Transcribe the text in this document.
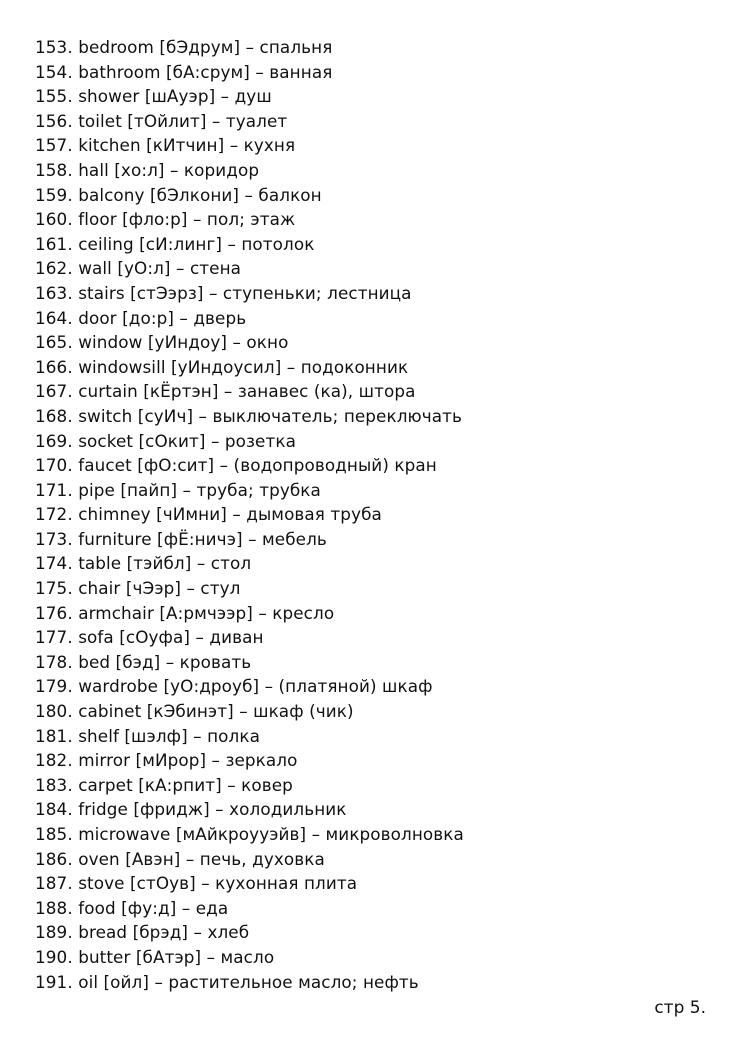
153. bedroom [бЭдрум] – спальня
154. bathroom [бА:срум] – ванная
155. shower [шАуэр] – душ
156. toilet [тОйлит] – туалет
157. kitchen [кИтчин] – кухня
158. hall [хо:л] – коридор
159. balcony [бЭлкони] – балкон
160. floor [фло:р] – пол; этаж
161. ceiling [сИ:линг] – потолок
162. wall [уО:л] – стена
163. stairs [стЭэрз] – ступеньки; лестница
164. door [до:р] – дверь
165. window [уИндоу] – окно
166. windowsill [уИндоусил] – подоконник
167. curtain [кЁртэн] – занавес (ка), штора
168. switch [суИч] – выключатель; переключать
169. socket [сОкит] – розетка
170. faucet [фО:сит] – (водопроводный) кран
171. pipe [пайп] – труба; трубка
172. chimney [чИмни] – дымовая труба
173. furniture [фЁ:ничэ] – мебель
174. table [тэйбл] – стол
175. chair [чЭэр] – стул
176. armchair [А:рмчээр] – кресло
177. sofa [сОуфа] – диван
178. bed [бэд] – кровать
179. wardrobe [уО:дроуб] – (платяной) шкаф
180. cabinet [кЭбинэт] – шкаф (чик)
181. shelf [шэлф] – полка
182. mirror [мИрор] – зеркало
183. carpet [кА:рпит] – ковер
184. fridge [фридж] – холодильник
185. microwave [мАйкроууэйв] – микроволновка
186. oven [Авэн] – печь, духовка
187. stove [стОув] – кухонная плита
188. food [фу:д] – еда
189. bread [брэд] – хлеб
190. butter [бАтэр] – масло
191. oil [ойл] – растительное масло; нефть
стр 5.
